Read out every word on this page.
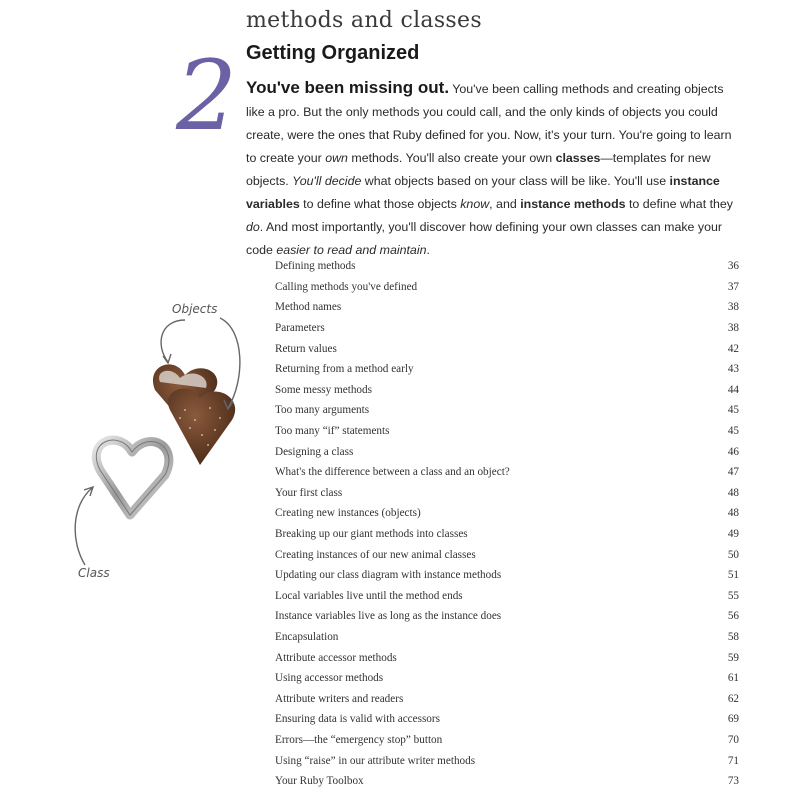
methods and classes
Getting Organized
2 You've been missing out. You've been calling methods and creating objects like a pro. But the only methods you could call, and the only kinds of objects you could create, were the ones that Ruby defined for you. Now, it's your turn. You're going to learn to create your own methods. You'll also create your own classes—templates for new objects. You'll decide what objects based on your class will be like. You'll use instance variables to define what those objects know, and instance methods to define what they do. And most importantly, you'll discover how defining your own classes can make your code easier to read and maintain.
Objects
Class
Defining methods	36
Calling methods you've defined	37
Method names	38
Parameters	38
Return values	42
Returning from a method early	43
Some messy methods	44
Too many arguments	45
Too many “if” statements	45
Designing a class	46
What's the difference between a class and an object?	47
Your first class	48
Creating new instances (objects)	48
Breaking up our giant methods into classes	49
Creating instances of our new animal classes	50
Updating our class diagram with instance methods	51
Local variables live until the method ends	55
Instance variables live as long as the instance does	56
Encapsulation	58
Attribute accessor methods	59
Using accessor methods	61
Attribute writers and readers	62
Ensuring data is valid with accessors	69
Errors—the “emergency stop” button	70
Using “raise” in our attribute writer methods	71
Your Ruby Toolbox	73
